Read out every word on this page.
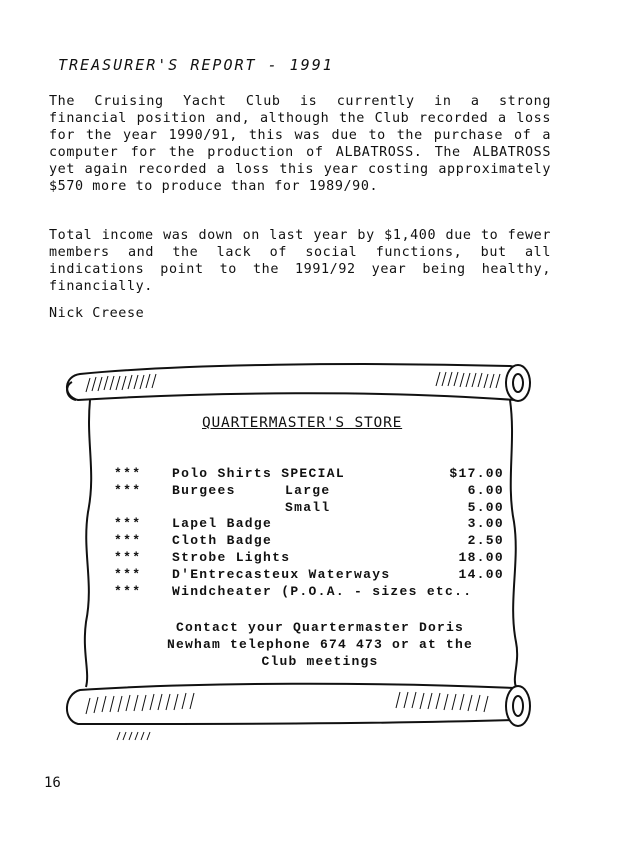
TREASURER'S REPORT - 1991

The Cruising Yacht Club is currently in a strong financial position and, although the Club recorded a loss for the year 1990/91, this was due to the purchase of a computer for the production of ALBATROSS. The ALBATROSS yet again recorded a loss this year costing approximately $570 more to produce than for 1989/90.

Total income was down on last year by $1,400 due to fewer members and the lack of social functions, but all indications point to the 1991/92 year being healthy, financially.

Nick Creese
QUARTERMASTER'S STORE
*** Polo Shirts SPECIAL	$17.00
*** Burgees	Large	6.00
Small	5.00
*** Lapel Badge	3.00
*** Cloth Badge	2.50
*** Strobe Lights	18.00
*** D'Entrecasteux Waterways	14.00
*** Windcheater (P.O.A. - sizes etc..
Contact your Quartermaster Doris
Newham telephone 674 473 or at the
Club meetings
16
